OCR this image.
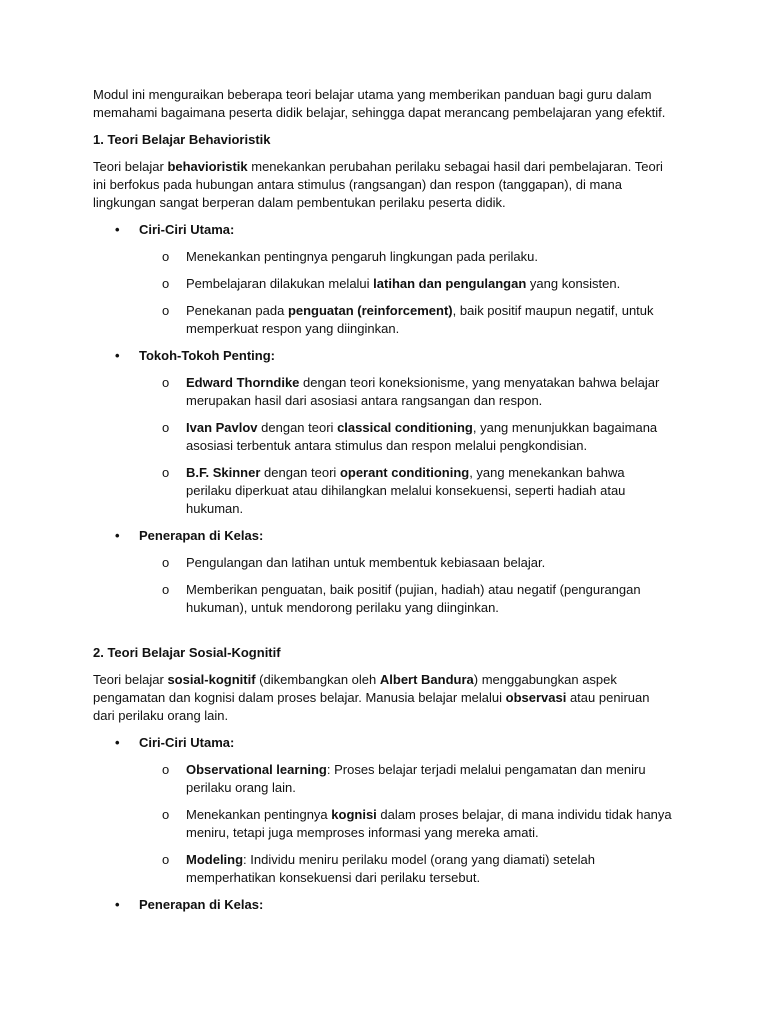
Modul ini menguraikan beberapa teori belajar utama yang memberikan panduan bagi guru dalam memahami bagaimana peserta didik belajar, sehingga dapat merancang pembelajaran yang efektif.

1. Teori Belajar Behavioristik

Teori belajar behavioristik menekankan perubahan perilaku sebagai hasil dari pembelajaran. Teori ini berfokus pada hubungan antara stimulus (rangsangan) dan respon (tanggapan), di mana lingkungan sangat berperan dalam pembentukan perilaku peserta didik.

• Ciri-Ciri Utama:
o Menekankan pentingnya pengaruh lingkungan pada perilaku.
o Pembelajaran dilakukan melalui latihan dan pengulangan yang konsisten.
o Penekanan pada penguatan (reinforcement), baik positif maupun negatif, untuk memperkuat respon yang diinginkan.
• Tokoh-Tokoh Penting:
o Edward Thorndike dengan teori koneksionisme, yang menyatakan bahwa belajar merupakan hasil dari asosiasi antara rangsangan dan respon.
o Ivan Pavlov dengan teori classical conditioning, yang menunjukkan bagaimana asosiasi terbentuk antara stimulus dan respon melalui pengkondisian.
o B.F. Skinner dengan teori operant conditioning, yang menekankan bahwa perilaku diperkuat atau dihilangkan melalui konsekuensi, seperti hadiah atau hukuman.
• Penerapan di Kelas:
o Pengulangan dan latihan untuk membentuk kebiasaan belajar.
o Memberikan penguatan, baik positif (pujian, hadiah) atau negatif (pengurangan hukuman), untuk mendorong perilaku yang diinginkan.

2. Teori Belajar Sosial-Kognitif

Teori belajar sosial-kognitif (dikembangkan oleh Albert Bandura) menggabungkan aspek pengamatan dan kognisi dalam proses belajar. Manusia belajar melalui observasi atau peniruan dari perilaku orang lain.

• Ciri-Ciri Utama:
o Observational learning: Proses belajar terjadi melalui pengamatan dan meniru perilaku orang lain.
o Menekankan pentingnya kognisi dalam proses belajar, di mana individu tidak hanya meniru, tetapi juga memproses informasi yang mereka amati.
o Modeling: Individu meniru perilaku model (orang yang diamati) setelah memperhatikan konsekuensi dari perilaku tersebut.
• Penerapan di Kelas:
